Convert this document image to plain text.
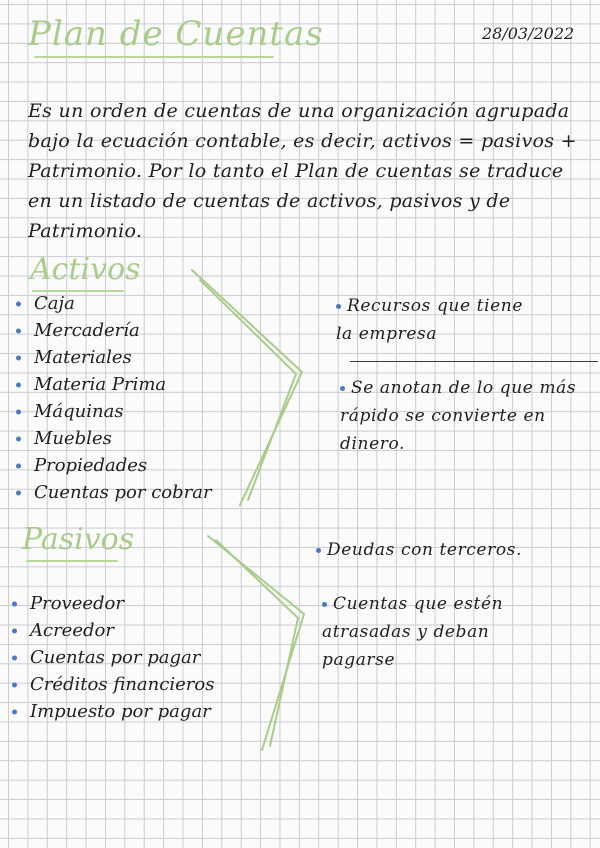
Plan de Cuentas	28/03/2022
Es un orden de cuentas de una organización agrupada bajo la ecuación contable, es decir, activos = pasivos + Patrimonio. Por lo tanto el Plan de cuentas se traduce en un listado de cuentas de activos, pasivos y de Patrimonio.
Activos
Caja
Mercadería
Materiales
Materia Prima
Máquinas
Muebles
Propiedades
Cuentas por cobrar
Recursos que tiene la empresa
Se anotan de lo que más rápido se convierte en dinero.
Pasivos
Proveedor
Acreedor
Cuentas por pagar
Créditos financieros
Impuesto por pagar
Deudas con terceros.
Cuentas que estén atrasadas y deban pagarse
